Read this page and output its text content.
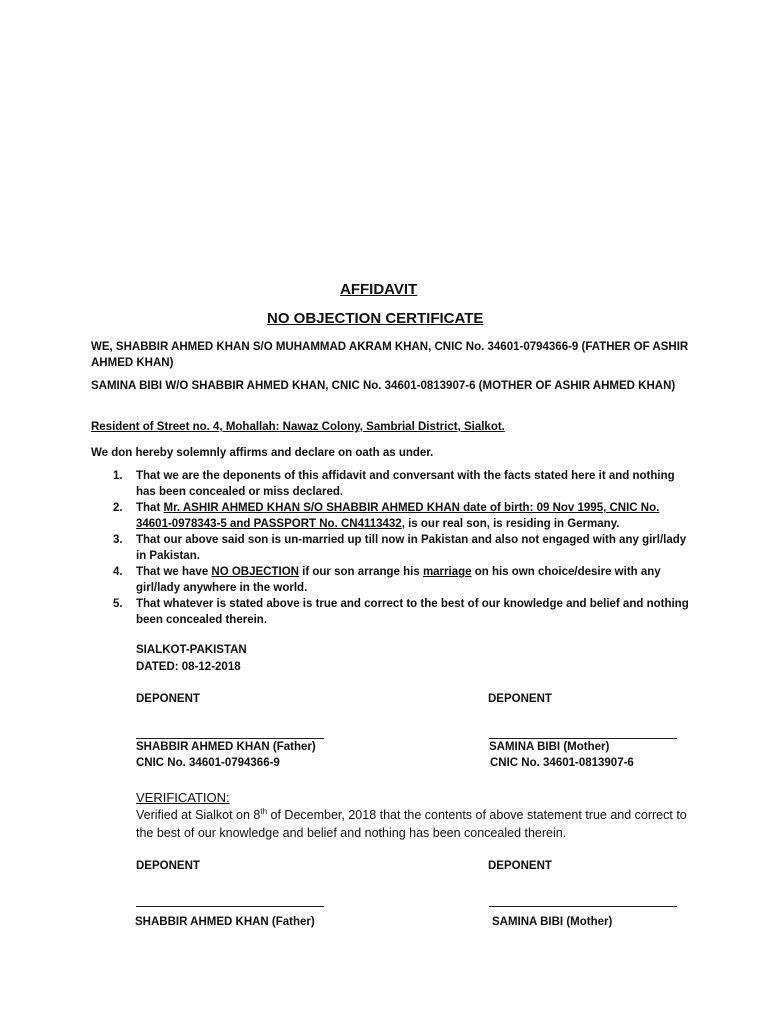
AFFIDAVIT
NO OBJECTION CERTIFICATE
WE, SHABBIR AHMED KHAN S/O MUHAMMAD AKRAM KHAN, CNIC No. 34601-0794366-9 (FATHER OF ASHIR AHMED KHAN)
SAMINA BIBI W/O SHABBIR AHMED KHAN, CNIC No. 34601-0813907-6 (MOTHER OF ASHIR AHMED KHAN)
Resident of Street no. 4, Mohallah: Nawaz Colony, Sambrial District, Sialkot.
We don hereby solemnly affirms and declare on oath as under.
1. That we are the deponents of this affidavit and conversant with the facts stated here it and nothing has been concealed or miss declared.
2. That Mr. ASHIR AHMED KHAN S/O SHABBIR AHMED KHAN date of birth: 09 Nov 1995, CNIC No. 34601-0978343-5 and PASSPORT No. CN4113432, is our real son, is residing in Germany.
3. That our above said son is un-married up till now in Pakistan and also not engaged with any girl/lady in Pakistan.
4. That we have NO OBJECTION if our son arrange his marriage on his own choice/desire with any girl/lady anywhere in the world.
5. That whatever is stated above is true and correct to the best of our knowledge and belief and nothing been concealed therein.
SIALKOT-PAKISTAN
DATED: 08-12-2018
DEPONENT	DEPONENT
SHABBIR AHMED KHAN (Father)	SAMINA BIBI (Mother)
CNIC No. 34601-0794366-9	CNIC No. 34601-0813907-6
VERIFICATION:
Verified at Sialkot on 8th of December, 2018 that the contents of above statement true and correct to the best of our knowledge and belief and nothing has been concealed therein.
DEPONENT	DEPONENT
SHABBIR AHMED KHAN (Father)	SAMINA BIBI (Mother)
